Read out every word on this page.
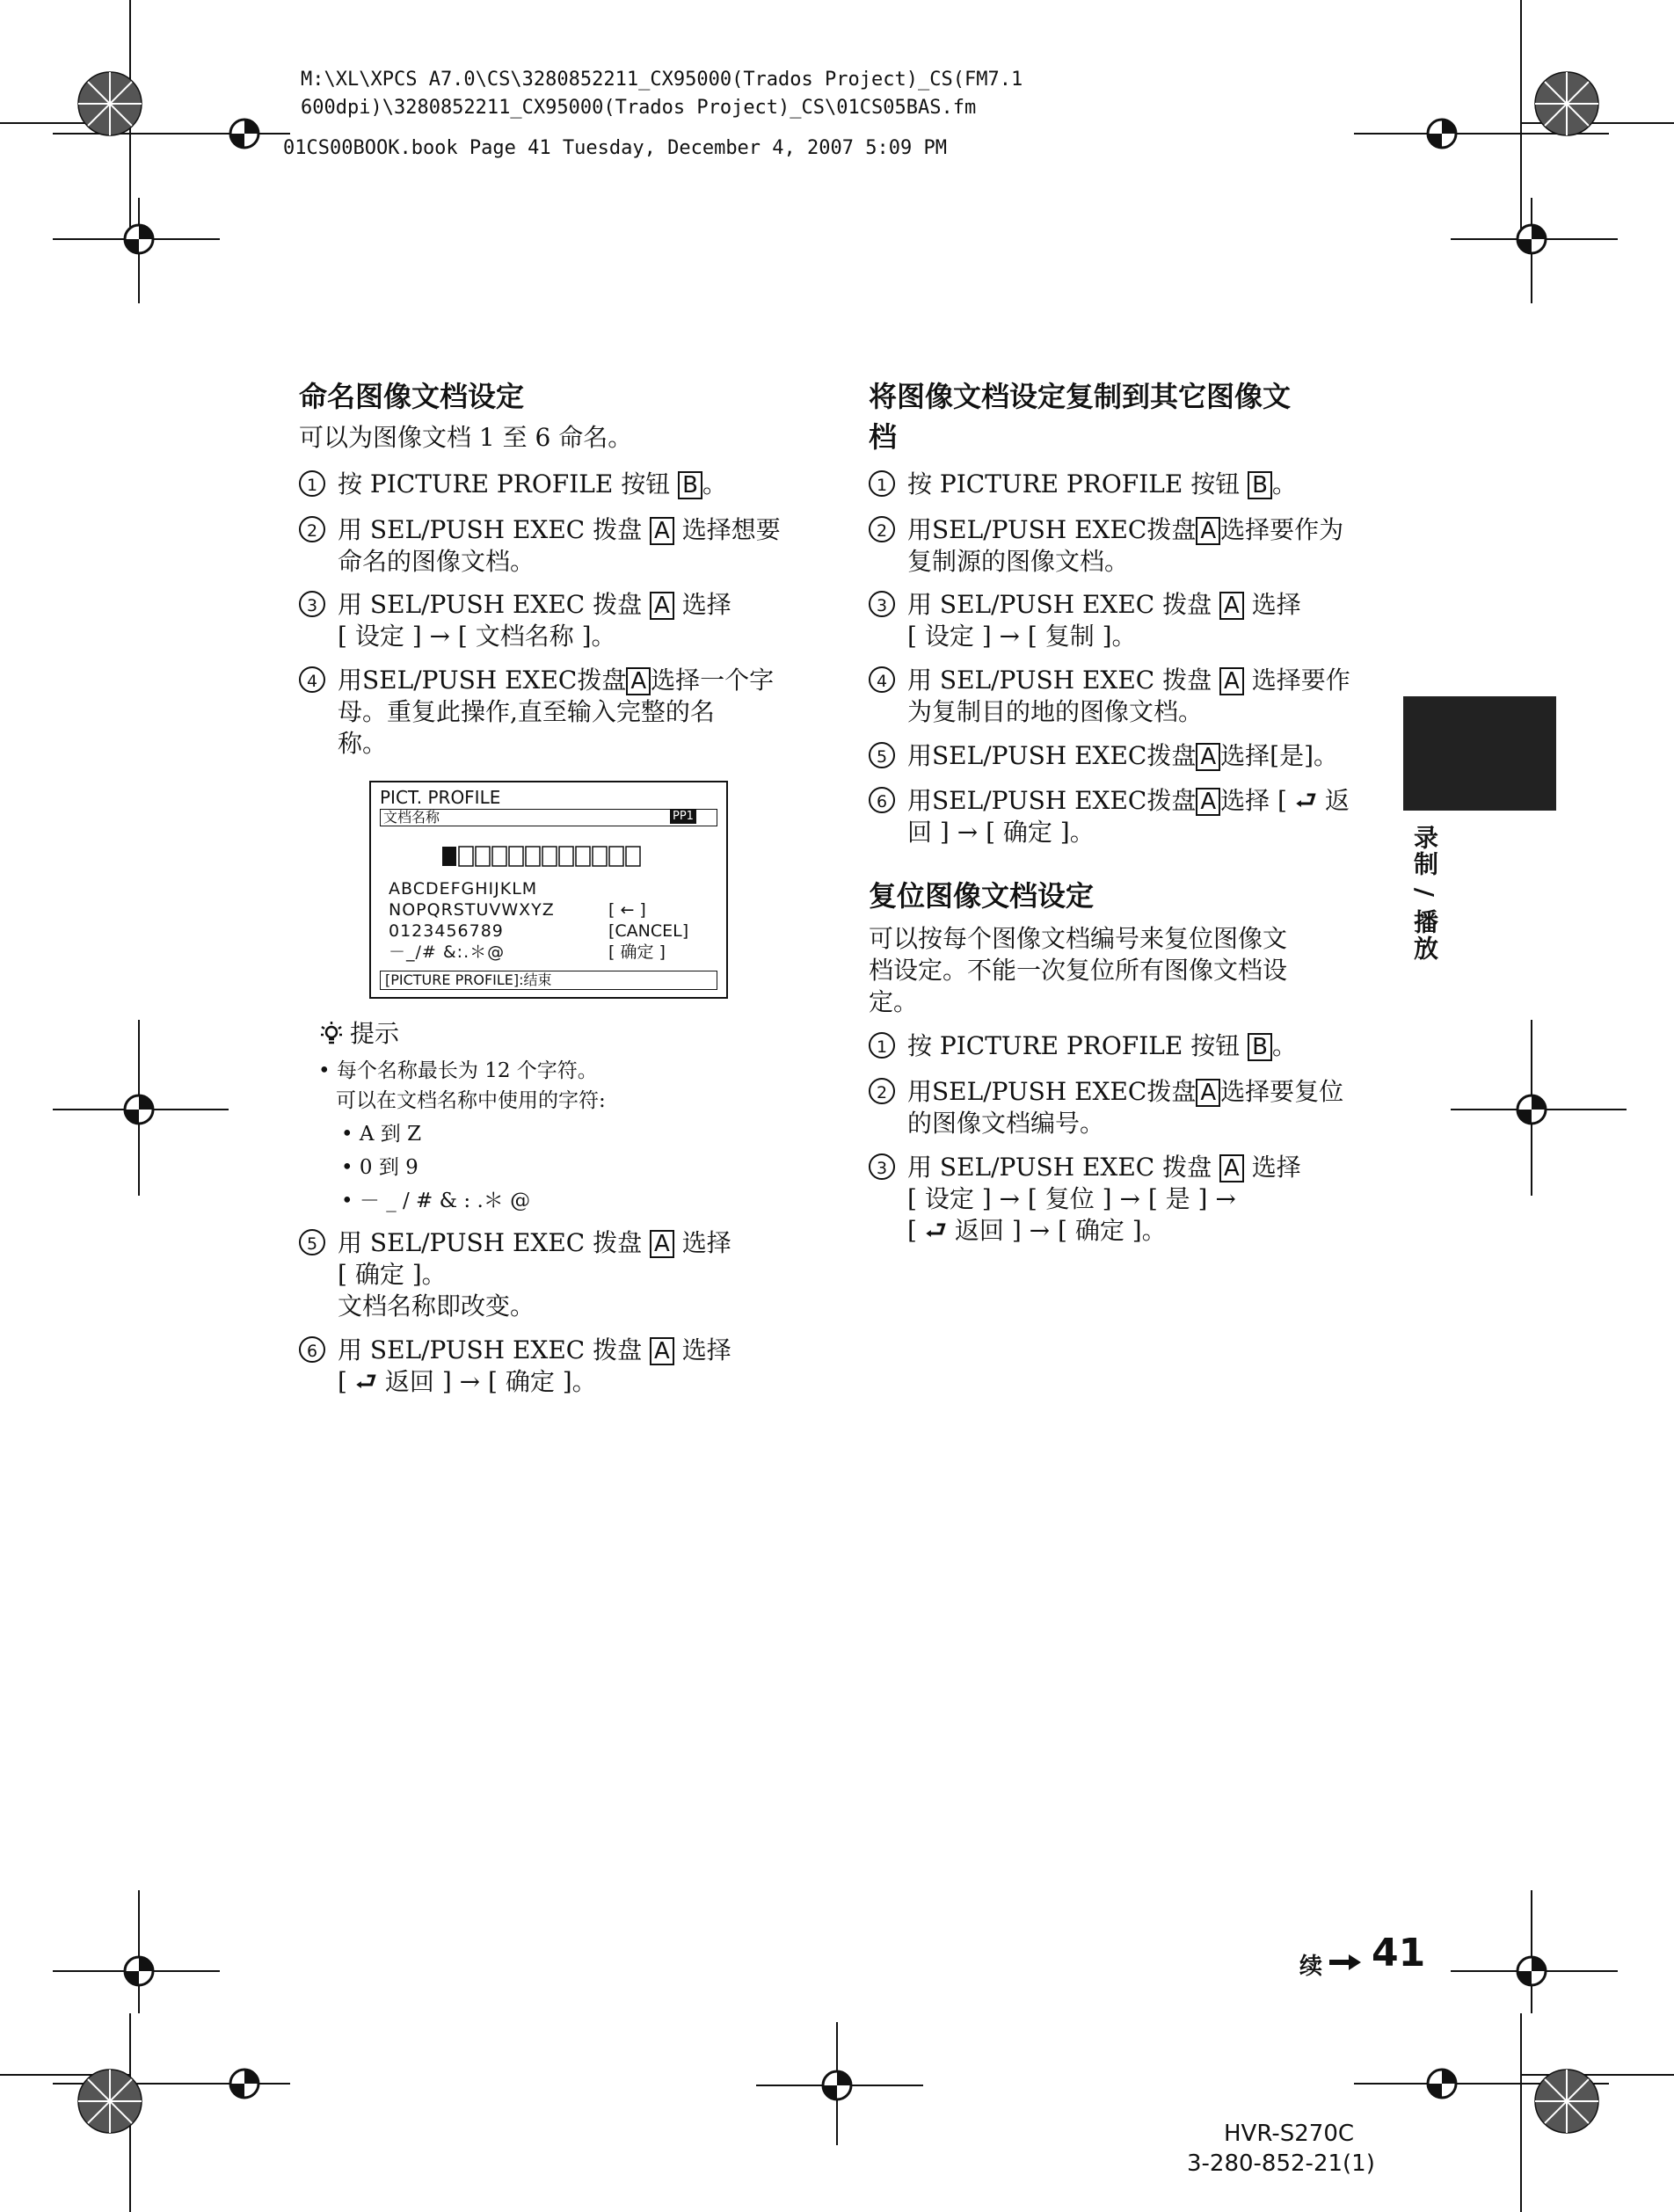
M:\XL\XPCS A7.0\CS\3280852211_CX95000(Trados Project)_CS(FM7.1
600dpi)\3280852211_CX95000(Trados Project)_CS\01CS05BAS.fm
01CS00BOOK.book Page 41 Tuesday, December 4, 2007 5:09 PM
命名图像文档设定
可以为图像文档 1 至 6 命名。
1 按 PICTURE PROFILE 按钮 B 。
2 用 SEL/PUSH EXEC 拨盘 A 选择想要
命名的图像文档。
3 用 SEL/PUSH EXEC 拨盘 A 选择
[ 设定 ] → [ 文档名称 ]。
4 用SEL/PUSH EXEC拨盘 A 选择一个字
母。重复此操作,直至输入完整的名
称。
PICT. PROFILE
文档名称	PP1
ABCDEFGHIJKLM
NOPQRSTUVWXYZ
0123456789
－_/# &:.＊@
[ ← ]
[CANCEL]
[ 确定 ]
[PICTURE PROFILE]:结束
提示
• 每个名称最长为 12 个字符。
可以在文档名称中使用的字符:
• A 到 Z
• 0 到 9
• － _ / # & : .＊ @
5 用 SEL/PUSH EXEC 拨盘 A 选择
[ 确定 ]。
文档名称即改变。
6 用 SEL/PUSH EXEC 拨盘 A 选择
[ ⮐ 返回 ] → [ 确定 ]。
将图像文档设定复制到其它图像文
档
1 按 PICTURE PROFILE 按钮 B 。
2 用SEL/PUSH EXEC拨盘 A 选择要作为
复制源的图像文档。
3 用 SEL/PUSH EXEC 拨盘 A 选择
[ 设定 ] → [ 复制 ]。
4 用 SEL/PUSH EXEC 拨盘 A 选择要作
为复制目的地的图像文档。
5 用SEL/PUSH EXEC拨盘 A 选择[是]。
6 用SEL/PUSH EXEC拨盘 A 选择 [ ⮐ 返
回 ] → [ 确定 ]。
复位图像文档设定
可以按每个图像文档编号来复位图像文
档设定。不能一次复位所有图像文档设
定。
1 按 PICTURE PROFILE 按钮 B 。
2 用SEL/PUSH EXEC拨盘 A 选择要复位
的图像文档编号。
3 用 SEL/PUSH EXEC 拨盘 A 选择
[ 设定 ] → [ 复位 ] → [ 是 ] →
[ ⮐ 返回 ] → [ 确定 ]。
录制 / 播放
续 41
HVR-S270C
3-280-852-21(1)
